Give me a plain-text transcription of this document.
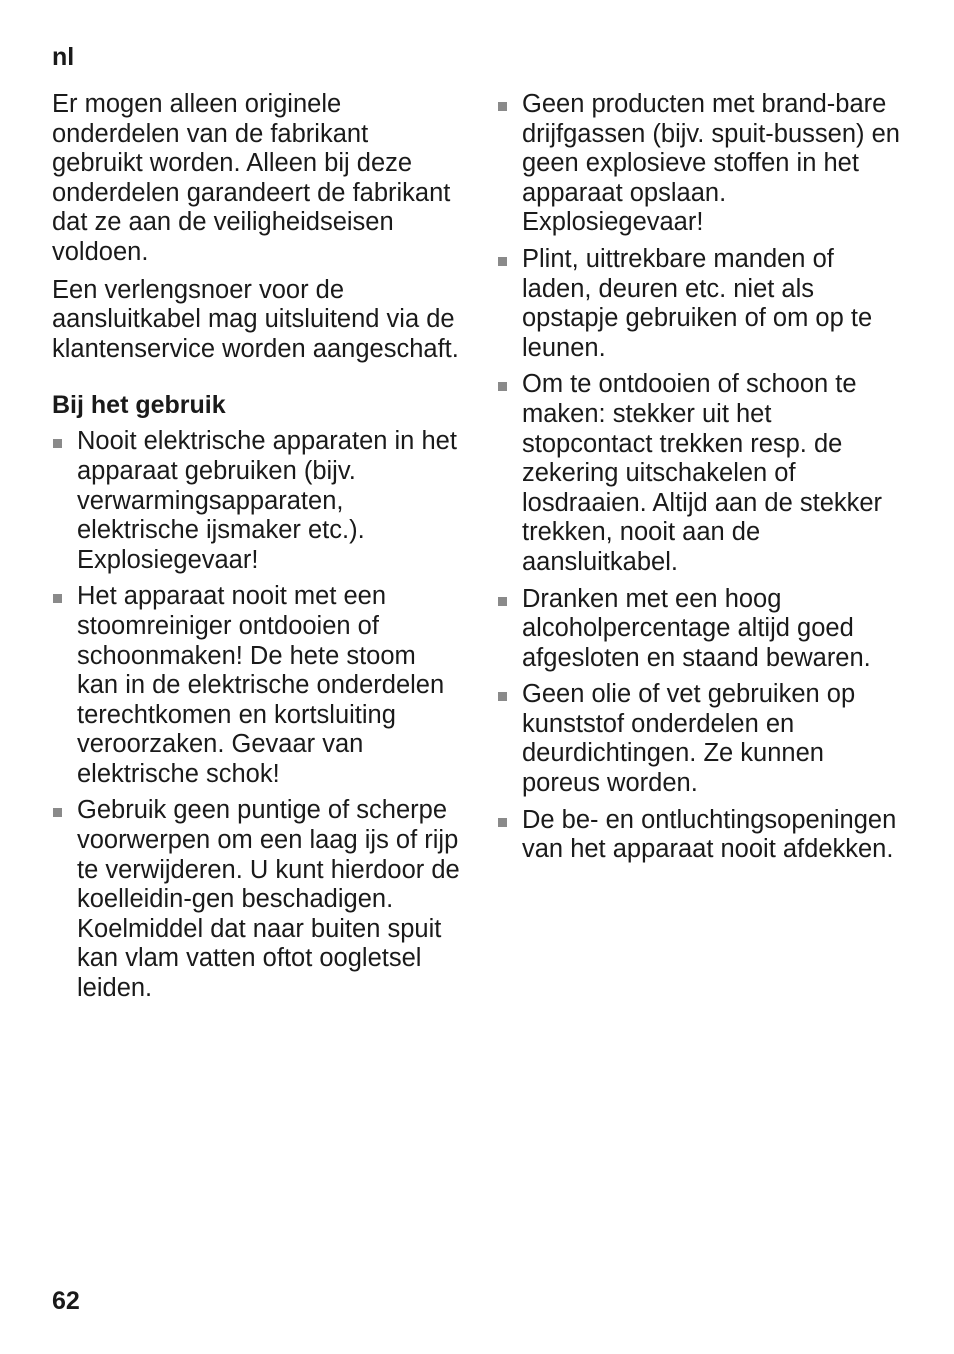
nl

Er mogen alleen originele onderdelen van de fabrikant gebruikt worden. Alleen bij deze onderdelen garandeert de fabrikant dat ze aan de veiligheidseisen voldoen.

Een verlengsnoer voor de aansluitkabel mag uitsluitend via de klantenservice worden aangeschaft.

Bij het gebruik
Nooit elektrische apparaten in het apparaat gebruiken (bijv. verwarmingsapparaten, elektrische ijsmaker etc.). Explosiegevaar!
Het apparaat nooit met een stoomreiniger ontdooien of schoonmaken! De hete stoom kan in de elektrische onderdelen terechtkomen en kortsluiting veroorzaken. Gevaar van elektrische schok!
Gebruik geen puntige of scherpe voorwerpen om een laag ijs of rijp te verwijderen. U kunt hierdoor de koelleidin-gen beschadigen. Koelmiddel dat naar buiten spuit kan vlam vatten oftot oogletsel leiden.
Geen producten met brand-bare drijfgassen (bijv. spuit-bussen) en geen explosieve stoffen in het apparaat opslaan. Explosiegevaar!
Plint, uittrekbare manden of laden, deuren etc. niet als opstapje gebruiken of om op te leunen.
Om te ontdooien of schoon te maken: stekker uit het stopcontact trekken resp. de zekering uitschakelen of losdraaien. Altijd aan de stekker trekken, nooit aan de aansluitkabel.
Dranken met een hoog alcoholpercentage altijd goed afgesloten en staand bewaren.
Geen olie of vet gebruiken op kunststof onderdelen en deurdichtingen. Ze kunnen poreus worden.
De be- en ontluchtingsopeningen van het apparaat nooit afdekken.
62
